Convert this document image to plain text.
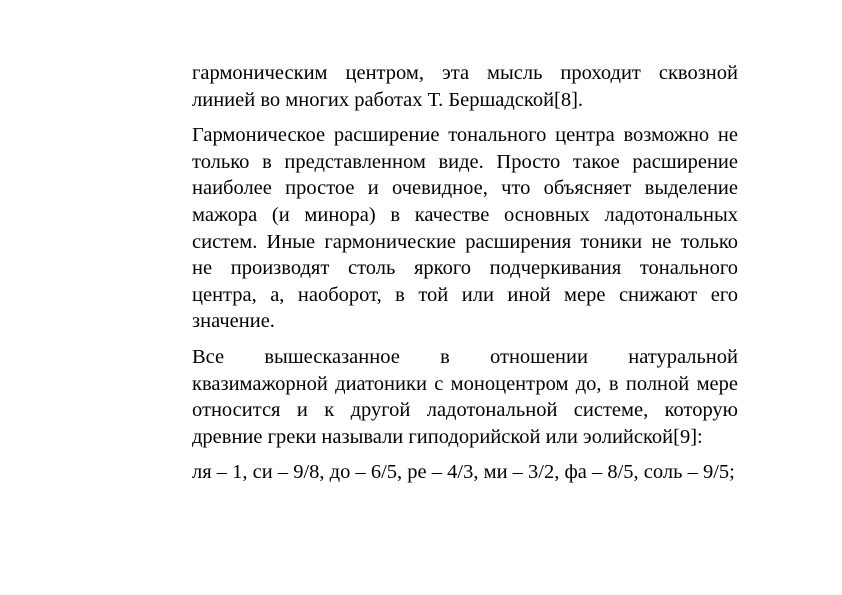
гармоническим центром, эта мысль проходит сквозной линией во многих работах Т. Бершадской[8].

Гармоническое расширение тонального центра возможно не только в представленном виде. Просто такое расширение наиболее простое и очевидное, что объясняет выделение мажора (и минора) в качестве основных ладотональных систем. Иные гармонические расширения тоники не только не производят столь яркого подчеркивания тонального центра, а, наоборот, в той или иной мере снижают его значение.

Все вышесказанное в отношении натуральной квазимажорной диатоники с моноцентром до, в полной мере относится и к другой ладотональной системе, которую древние греки называли гиподорийской или эолийской[9]:

ля – 1, си – 9/8, до – 6/5, ре – 4/3, ми – 3/2, фа – 8/5, соль – 9/5;
